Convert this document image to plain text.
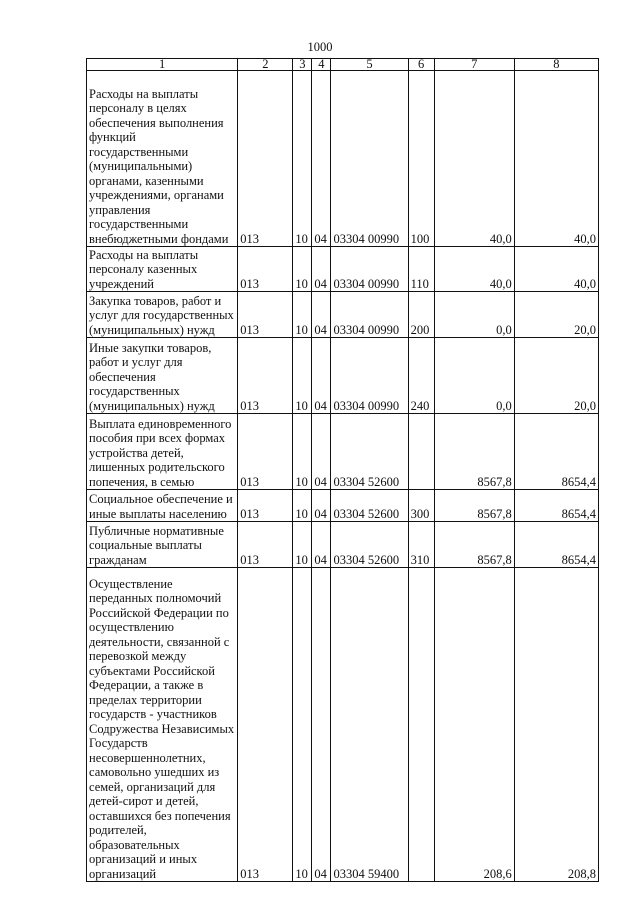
1000
1	2	3	4	5	6	7	8
Расходы на выплаты персоналу в целях обеспечения выполнения функций государственными (муниципальными) органами, казенными учреждениями, органами управления государственными внебюджетными фондами	013	10	04	03304 00990	100	40,0	40,0
Расходы на выплаты персоналу казенных учреждений	013	10	04	03304 00990	110	40,0	40,0
Закупка товаров, работ и услуг для государственных (муниципальных) нужд	013	10	04	03304 00990	200	0,0	20,0
Иные закупки товаров, работ и услуг для обеспечения государственных (муниципальных) нужд	013	10	04	03304 00990	240	0,0	20,0
Выплата единовременного пособия при всех формах устройства детей, лишенных родительского попечения, в семью	013	10	04	03304 52600		8567,8	8654,4
Социальное обеспечение и иные выплаты населению	013	10	04	03304 52600	300	8567,8	8654,4
Публичные нормативные социальные выплаты гражданам	013	10	04	03304 52600	310	8567,8	8654,4
Осуществление переданных полномочий Российской Федерации по осуществлению деятельности, связанной с перевозкой между субъектами Российской Федерации, а также в пределах территории государств - участников Содружества Независимых Государств несовершеннолетних, самовольно ушедших из семей, организаций для детей-сирот и детей, оставшихся без попечения родителей, образовательных организаций и иных организаций	013	10	04	03304 59400		208,6	208,8
